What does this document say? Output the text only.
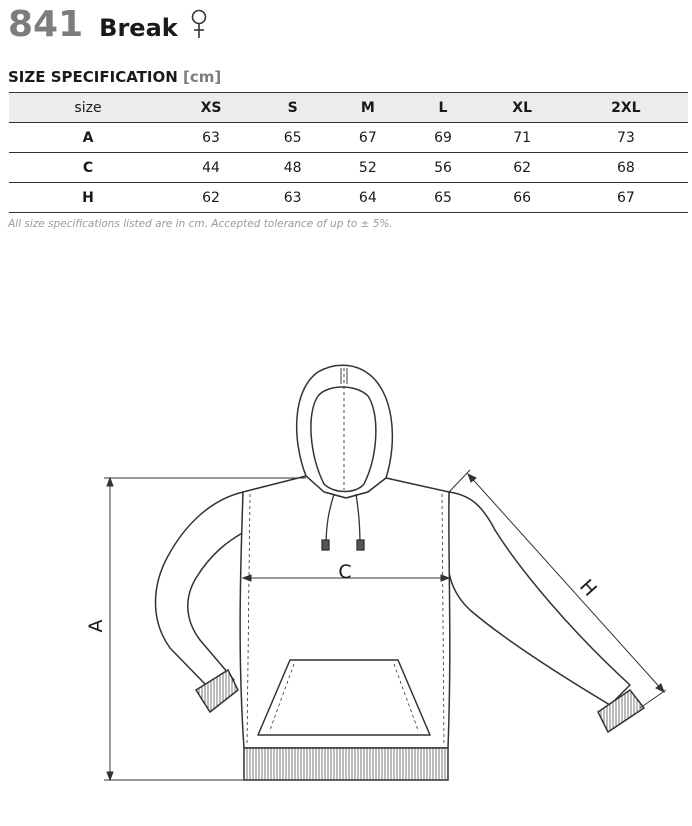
841 Break
SIZE SPECIFICATION [cm]
size	XS	S	M	L	XL	2XL
A	63	65	67	69	71	73
C	44	48	52	56	62	68
H	62	63	64	65	66	67
All size specifications listed are in cm. Accepted tolerance of up to ± 5%.
A
C
H
